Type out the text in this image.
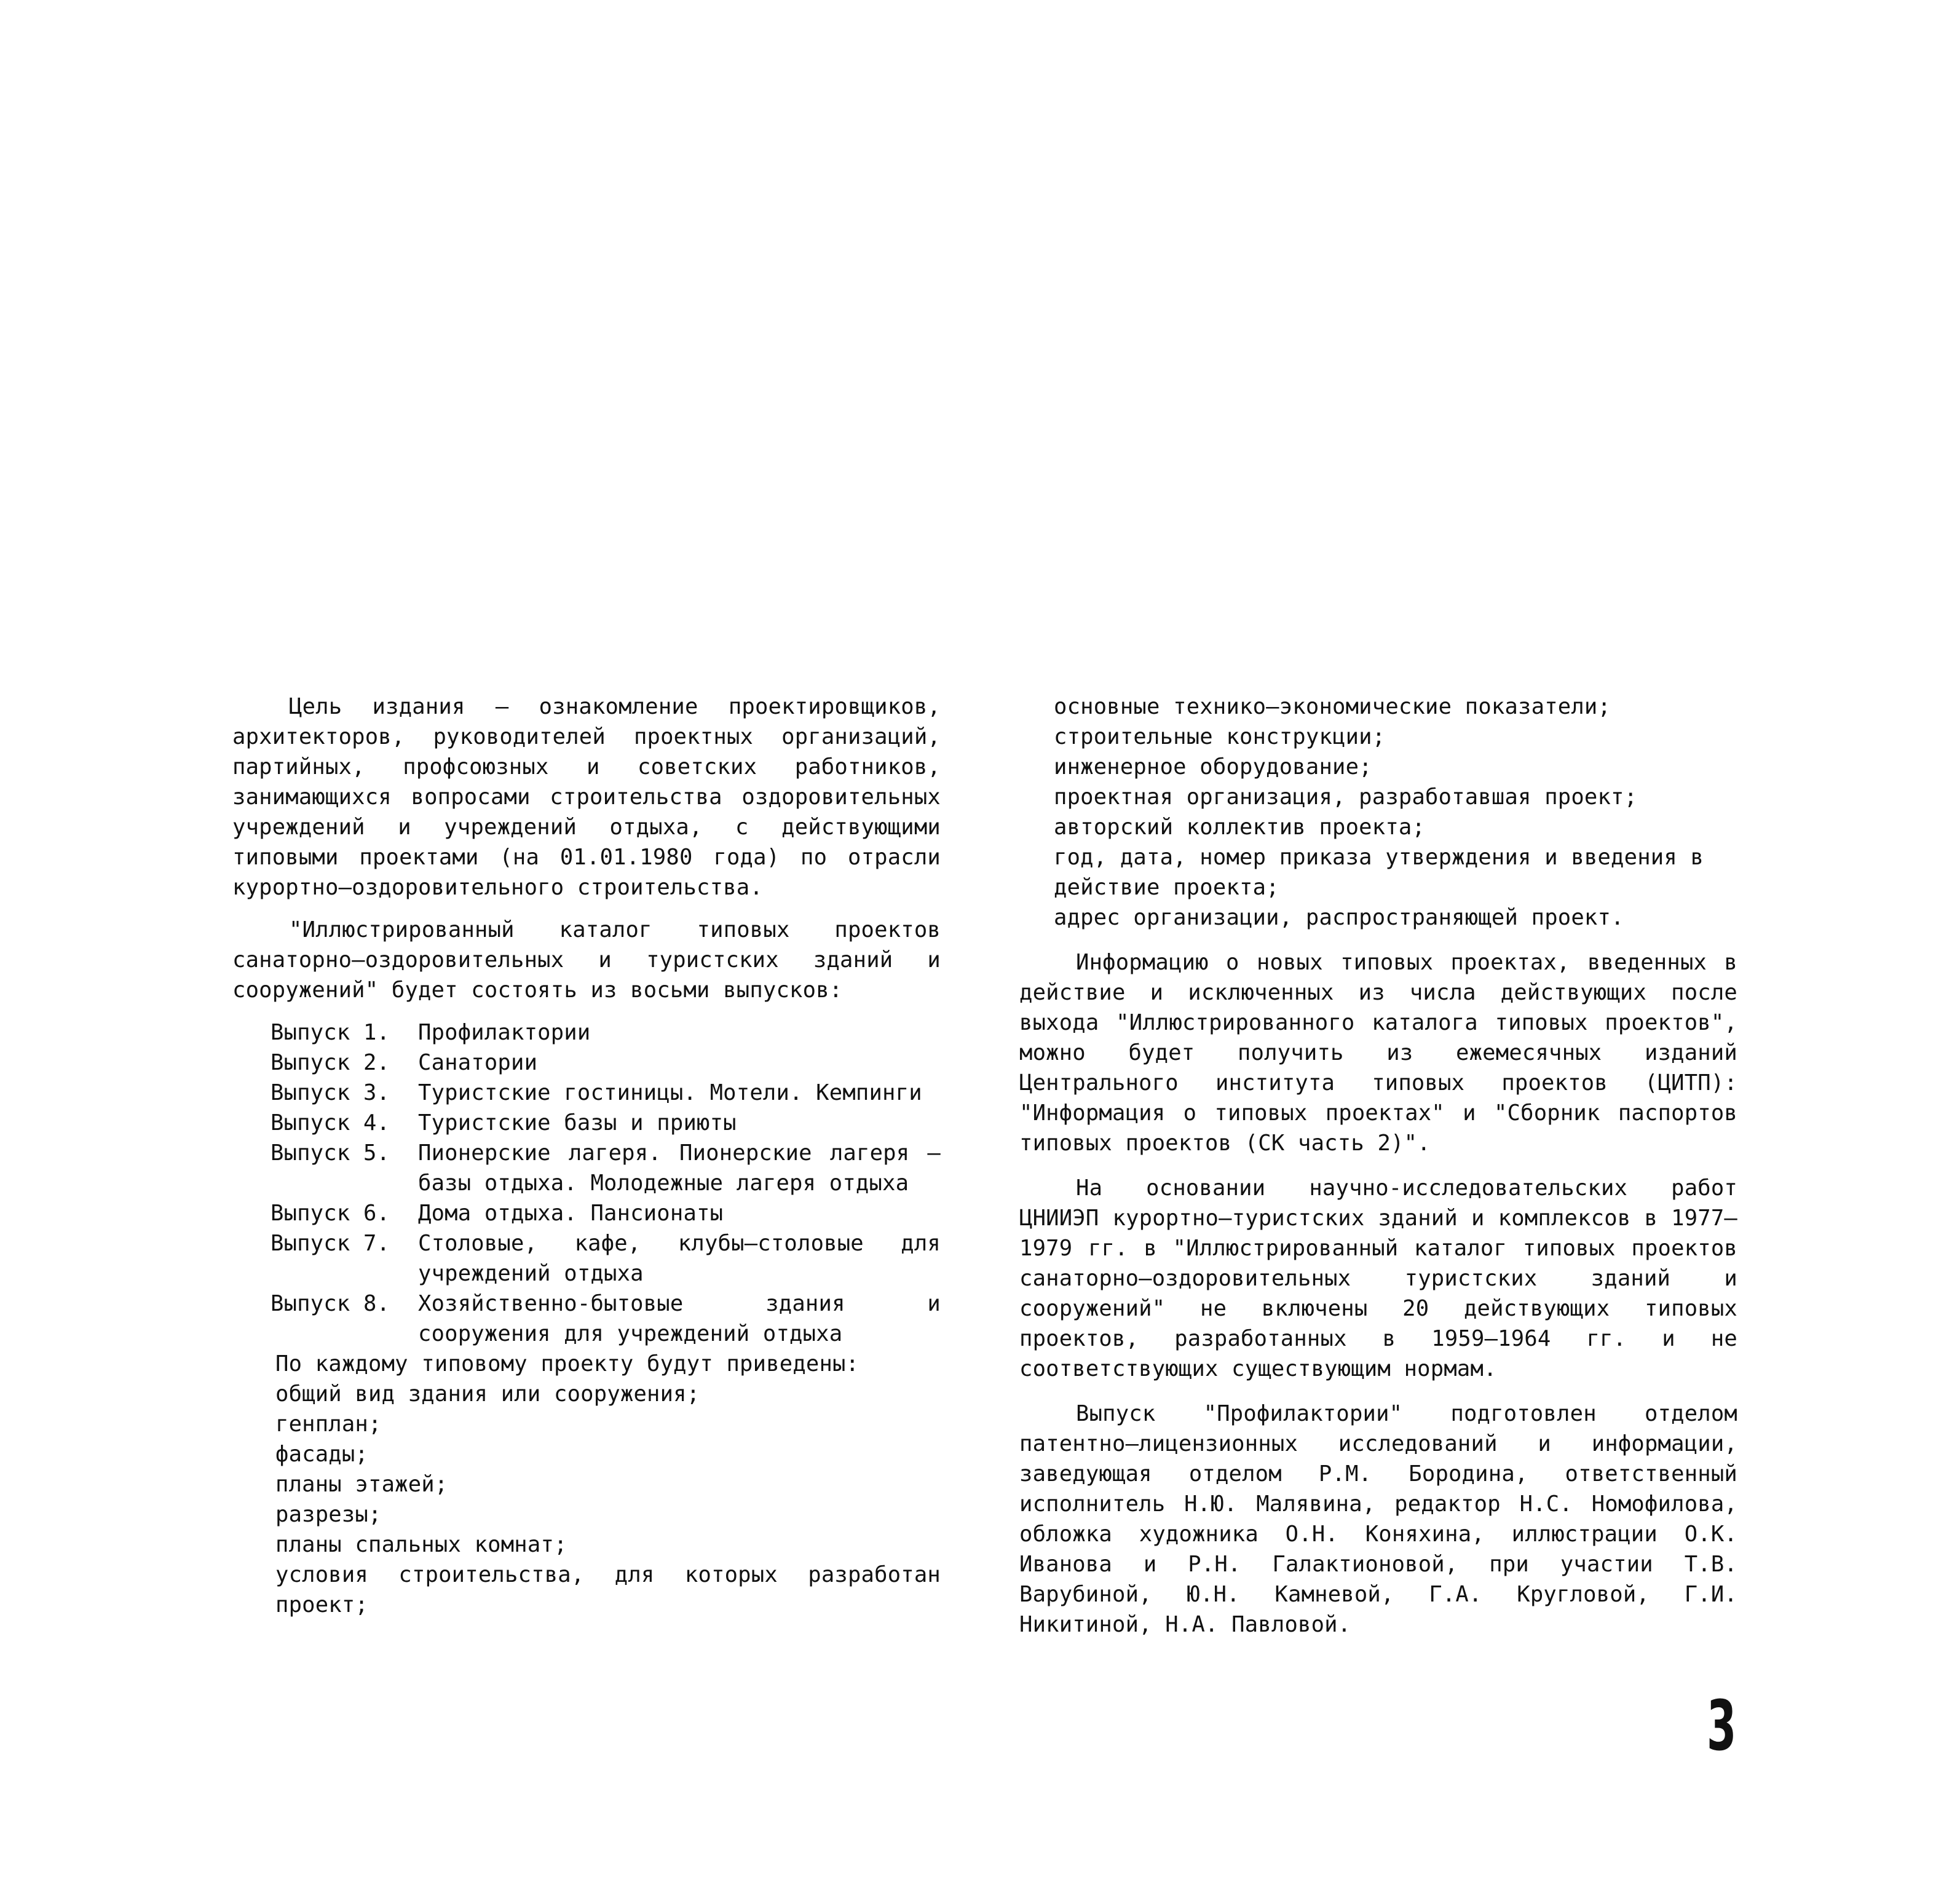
Цель издания – ознакомление проектировщиков, архитекторов, руководителей проектных организаций, партийных, профсоюзных и советских работников, занимающихся вопросами строительства оздоровительных учреждений и учреждений отдыха, с действующими типовыми проектами (на 01.01.1980 года) по отрасли курортно–оздоровительного строительства.

"Иллюстрированный каталог типовых проектов санаторно–оздоровительных и туристских зданий и сооружений" будет состоять из восьми выпусков:

Выпуск 1.	Профилактории
Выпуск 2.	Санатории
Выпуск 3.	Туристские гостиницы. Мотели. Кемпинги
Выпуск 4.	Туристские базы и приюты
Выпуск 5.	Пионерские лагеря. Пионерские лагеря – базы отдыха. Молодежные лагеря отдыха
Выпуск 6.	Дома отдыха. Пансионаты
Выпуск 7.	Столовые, кафе, клубы–столовые для учреждений отдыха
Выпуск 8.	Хозяйственно-бытовые здания и сооружения для учреждений отдыха

По каждому типовому проекту будут приведены:

общий вид здания или сооружения;

генплан;

фасады;

планы этажей;

разрезы;

планы спальных комнат;

условия строительства, для которых разработан проект;

основные технико–экономические показатели;

строительные конструкции;

инженерное оборудование;

проектная организация, разработавшая проект;

авторский коллектив проекта;

год, дата, номер приказа утверждения и введения в действие проекта;

адрес организации, распространяющей проект.

Информацию о новых типовых проектах, введенных в действие и исключенных из числа действующих после выхода "Иллюстрированного каталога типовых проектов", можно будет получить из ежемесячных изданий Центрального института типовых проектов (ЦИТП): "Информация о типовых проектах" и "Сборник паспортов типовых проектов (СК часть 2)".

На основании научно-исследовательских работ ЦНИИЭП курортно–туристских зданий и комплексов в 1977–1979 гг. в "Иллюстрированный каталог типовых проектов санаторно–оздоровительных туристских зданий и сооружений" не включены 20 действующих типовых проектов, разработанных в 1959–1964 гг. и не соответствующих существующим нормам.

Выпуск "Профилактории" подготовлен отделом патентно–лицензионных исследований и информации, заведующая отделом Р.М. Бородина, ответственный исполнитель Н.Ю. Малявина, редактор Н.С. Номофилова, обложка художника О.Н. Коняхина, иллюстрации О.К. Иванова и Р.Н. Галактионовой, при участии Т.В. Варубиной, Ю.Н. Камневой, Г.А. Кругловой, Г.И. Никитиной, Н.А. Павловой.

3
